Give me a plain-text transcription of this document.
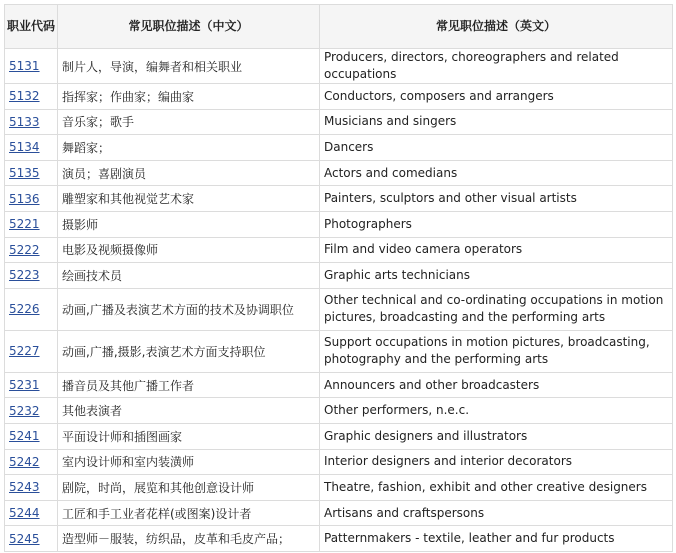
职业代码	常见职位描述（中文）	常见职位描述（英文）
5131	制片人，导演，编舞者和相关职业	Producers, directors, choreographers and related occupations
5132	指挥家；作曲家；编曲家	Conductors, composers and arrangers
5133	音乐家；歌手	Musicians and singers
5134	舞蹈家；	Dancers
5135	演员；喜剧演员	Actors and comedians
5136	雕塑家和其他视觉艺术家	Painters, sculptors and other visual artists
5221	摄影师	Photographers
5222	电影及视频摄像师	Film and video camera operators
5223	绘画技术员	Graphic arts technicians
5226	动画,广播及表演艺术方面的技术及协调职位	Other technical and co-ordinating occupations in motion pictures, broadcasting and the performing arts
5227	动画,广播,摄影,表演艺术方面支持职位	Support occupations in motion pictures, broadcasting, photography and the performing arts
5231	播音员及其他广播工作者	Announcers and other broadcasters
5232	其他表演者	Other performers, n.e.c.
5241	平面设计师和插图画家	Graphic designers and illustrators
5242	室内设计师和室内装潢师	Interior designers and interior decorators
5243	剧院，时尚，展览和其他创意设计师	Theatre, fashion, exhibit and other creative designers
5244	工匠和手工业者花样(或图案)设计者	Artisans and craftspersons
5245	造型师－服装，纺织品，皮革和毛皮产品；	Patternmakers - textile, leather and fur products
